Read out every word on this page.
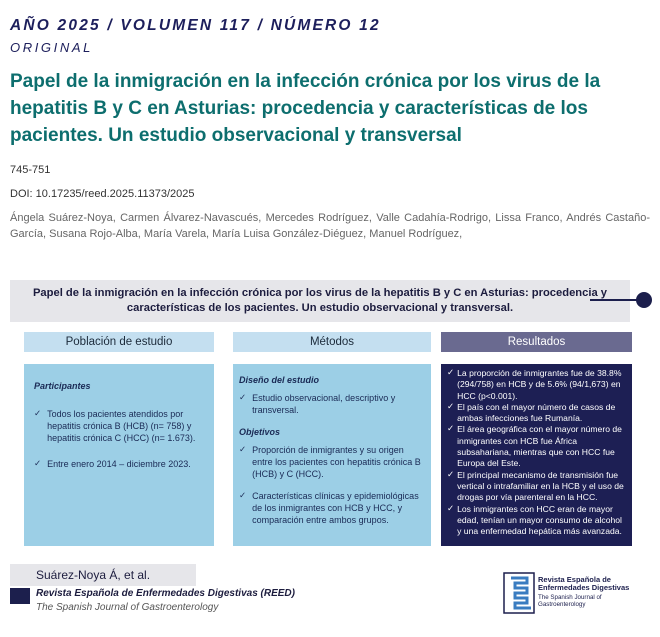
AÑO 2025 / VOLUMEN 117 / NÚMERO 12
ORIGINAL
Papel de la inmigración en la infección crónica por los virus de la hepatitis B y C en Asturias: procedencia y características de los pacientes. Un estudio observacional y transversal
745-751
DOI: 10.17235/reed.2025.11373/2025
Ángela Suárez-Noya, Carmen Álvarez-Navascués, Mercedes Rodríguez, Valle Cadahía-Rodrigo, Lissa Franco, Andrés Castaño-García, Susana Rojo-Alba, María Varela, María Luisa González-Diéguez, Manuel Rodríguez,
Papel de la inmigración en la infección crónica por los virus de la hepatitis B y C en Asturias: procedencia y características de los pacientes. Un estudio observacional y transversal.
Población de estudio	Métodos	Resultados
Participantes
✓ Todos los pacientes atendidos por hepatitis crónica B (HCB) (n= 758) y hepatitis crónica C (HCC) (n= 1.673).
✓ Entre enero 2014 – diciembre 2023.
Diseño del estudio
✓ Estudio observacional, descriptivo y transversal.
Objetivos
✓ Proporción de inmigrantes y su origen entre los pacientes con hepatitis crónica B (HCB) y C (HCC).
✓ Características clínicas y epidemiológicas de los inmigrantes con HCB y HCC, y comparación entre ambos grupos.
✓ La proporción de inmigrantes fue de 38.8% (294/758) en HCB y de 5.6% (94/1,673) en HCC (p<0.001).
✓ El país con el mayor número de casos de ambas infecciones fue Rumanía.
✓ El área geográfica con el mayor número de inmigrantes con HCB fue África subsahariana, mientras que con HCC fue Europa del Este.
✓ El principal mecanismo de transmisión fue vertical o intrafamiliar en la HCB y el uso de drogas por vía parenteral en la HCC.
✓ Los inmigrantes con HCC eran de mayor edad, tenían un mayor consumo de alcohol y una enfermedad hepática más avanzada.
Suárez-Noya Á, et al.
Revista Española de Enfermedades Digestivas (REED)
The Spanish Journal of Gastroenterology
Revista Española de Enfermedades Digestivas
The Spanish Journal of Gastroenterology
